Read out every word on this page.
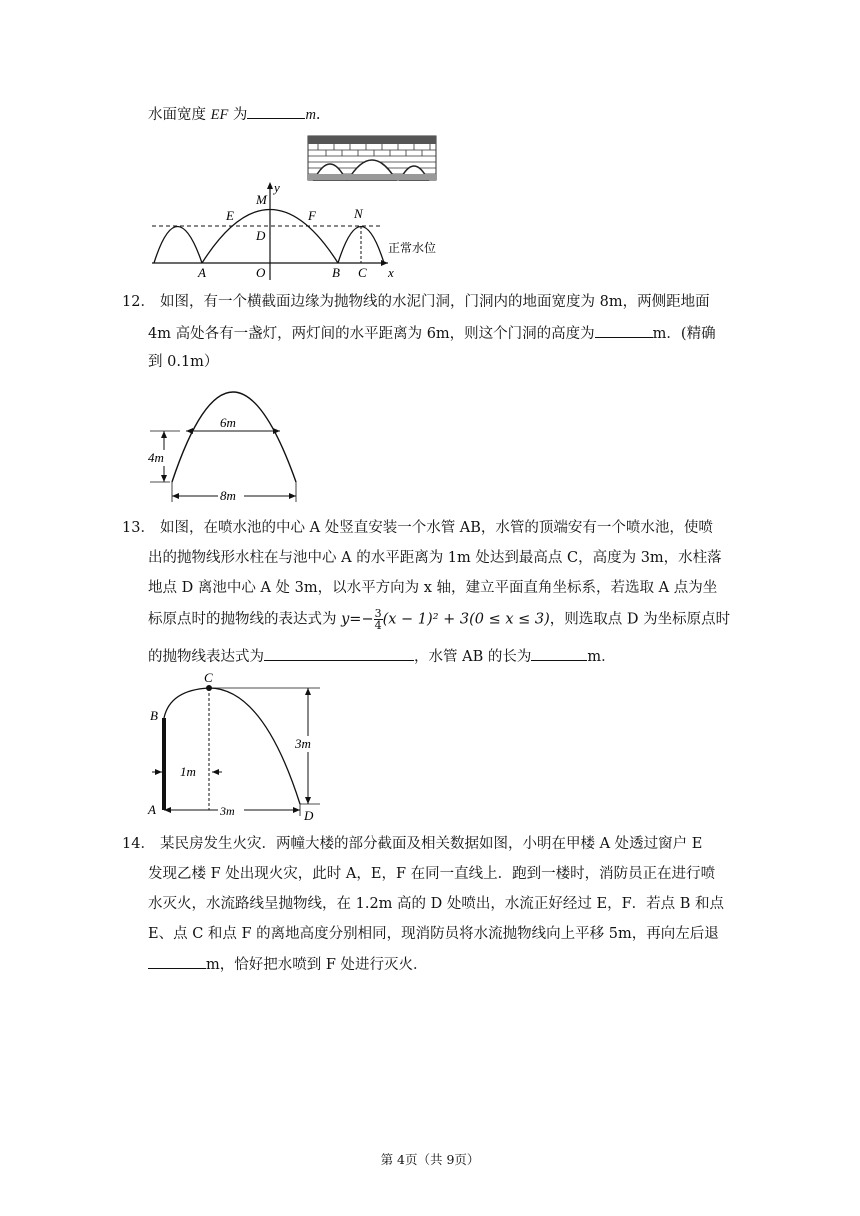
水面宽度 EF 为	m.
M
y
E	F	N
D
A	O	B C x
正常水位
12． 如图，有一个横截面边缘为抛物线的水泥门洞，门洞内的地面宽度为 8m，两侧距地面
4m 高处各有一盏灯，两灯间的水平距离为 6m，则这个门洞的高度为	m．(精确
到 0.1m）
6m
4m
8m
13． 如图，在喷水池的中心 A 处竖直安装一个水管 AB，水管的顶端安有一个喷水池，使喷
出的抛物线形水柱在与池中心 A 的水平距离为 1m 处达到最高点 C，高度为 3m，水柱落
地点 D 离池中心 A 处 3m，以水平方向为 x 轴，建立平面直角坐标系，若选取 A 点为坐
标原点时的抛物线的表达式为 $y=- \frac{3}{4} (x - 1)^2 + 3(0 \le x \le 3)$，则选取点 D 为坐标原点时
的抛物线表达式为	，水管 AB 的长为	m．
3m
1m
3m
C
B
A	D
14． 某民房发生火灾．两幢大楼的部分截面及相关数据如图，小明在甲楼 A 处透过窗户 E
发现乙楼 F 处出现火灾，此时 A，E，F 在同一直线上．跑到一楼时，消防员正在进行喷
水灭火，水流路线呈抛物线，在 1.2m 高的 D 处喷出，水流正好经过 E，F．若点 B 和点
E、点 C 和点 F 的离地高度分别相同，现消防员将水流抛物线向上平移 5m，再向左后退
m，恰好把水喷到 F 处进行灭火．
第 4页（共 9页）
